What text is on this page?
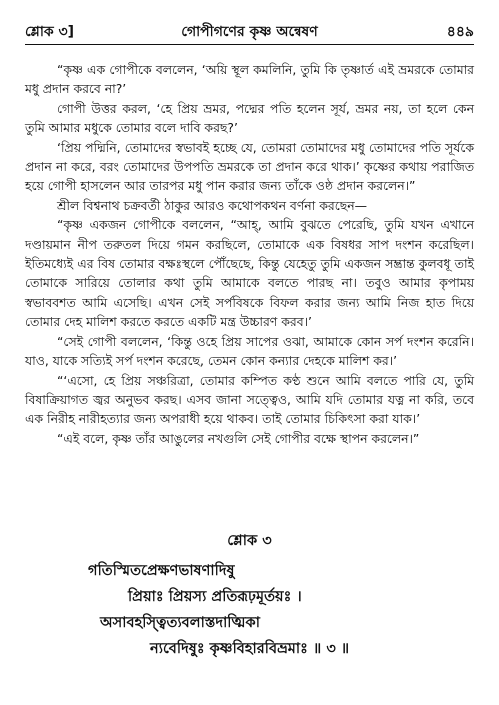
শ্লোক ৩]	গোপীগণের কৃষ্ণ অন্বেষণ	৪৪৯

“কৃষ্ণ এক গোপীকে বললেন, ‘অয়ি স্থূল কমলিনি, তুমি কি তৃষ্ণার্ত এই ভ্রমরকে তোমার মধু প্রদান করবে না?’

গোপী উত্তর করল, ‘হে প্রিয় ভ্রমর, পদ্মের পতি হলেন সূর্য, ভ্রমর নয়, তা হলে কেন তুমি আমার মধুকে তোমার বলে দাবি করছ?’

‘প্রিয় পদ্মিনি, তোমাদের স্বভাবই হচ্ছে যে, তোমরা তোমাদের মধু তোমাদের পতি সূর্যকে প্রদান না করে, বরং তোমাদের উপপতি ভ্রমরকে তা প্রদান করে থাক।’ কৃষ্ণের কথায় পরাজিত হয়ে গোপী হাসলেন আর তারপর মধু পান করার জন্য তাঁকে ওষ্ঠ প্রদান করলেন।”

শ্রীল বিশ্বনাথ চক্রবর্তী ঠাকুর আরও কথোপকথন বর্ণনা করছেন—

“কৃষ্ণ একজন গোপীকে বললেন, “আহ্, আমি বুঝতে পেরেছি, তুমি যখন এখানে দণ্ডায়মান নীপ তরুতল দিয়ে গমন করছিলে, তোমাকে এক বিষধর সাপ দংশন করেছিল। ইতিমধ্যেই এর বিষ তোমার বক্ষঃস্থলে পৌঁছেছে, কিন্তু যেহেতু তুমি একজন সম্ভ্রান্ত কুলবধূ তাই তোমাকে সারিয়ে তোলার কথা তুমি আমাকে বলতে পারছ না। তবুও আমার কৃপাময় স্বভাববশত আমি এসেছি। এখন সেই সর্পবিষকে বিফল করার জন্য আমি নিজ হাত দিয়ে তোমার দেহ মালিশ করতে করতে একটি মন্ত্র উচ্চারণ করব।’

“সেই গোপী বললেন, ‘কিন্তু ওহে প্রিয় সাপের ওঝা, আমাকে কোন সর্প দংশন করেনি। যাও, যাকে সত্যিই সর্প দংশন করেছে, তেমন কোন কন্যার দেহকে মালিশ কর।’

“‘এসো, হে প্রিয় সঞ্চরিত্রা, তোমার কম্পিত কণ্ঠ শুনে আমি বলতে পারি যে, তুমি বিষাক্রিয়াগত জ্বর অনুভব করছ। এসব জানা সত্ত্বেও, আমি যদি তোমার যত্ন না করি, তবে এক নিরীহ নারীহত্যার জন্য অপরাধী হয়ে থাকব। তাই তোমার চিকিৎসা করা যাক।’

“এই বলে, কৃষ্ণ তাঁর আঙুলের নখগুলি সেই গোপীর বক্ষে স্থাপন করলেন।”

শ্লোক ৩
গতিস্মিতপ্রেক্ষণভাষণাদিষু
প্রিয়াঃ প্রিয়স্য প্রতিরূঢ়মূর্তয়ঃ ।
অসাবহস্ত্বিত্যবলাস্তদাত্মিকা
ন্যবেদিষুঃ কৃষ্ণবিহারবিভ্রমাঃ ॥ ৩ ॥
